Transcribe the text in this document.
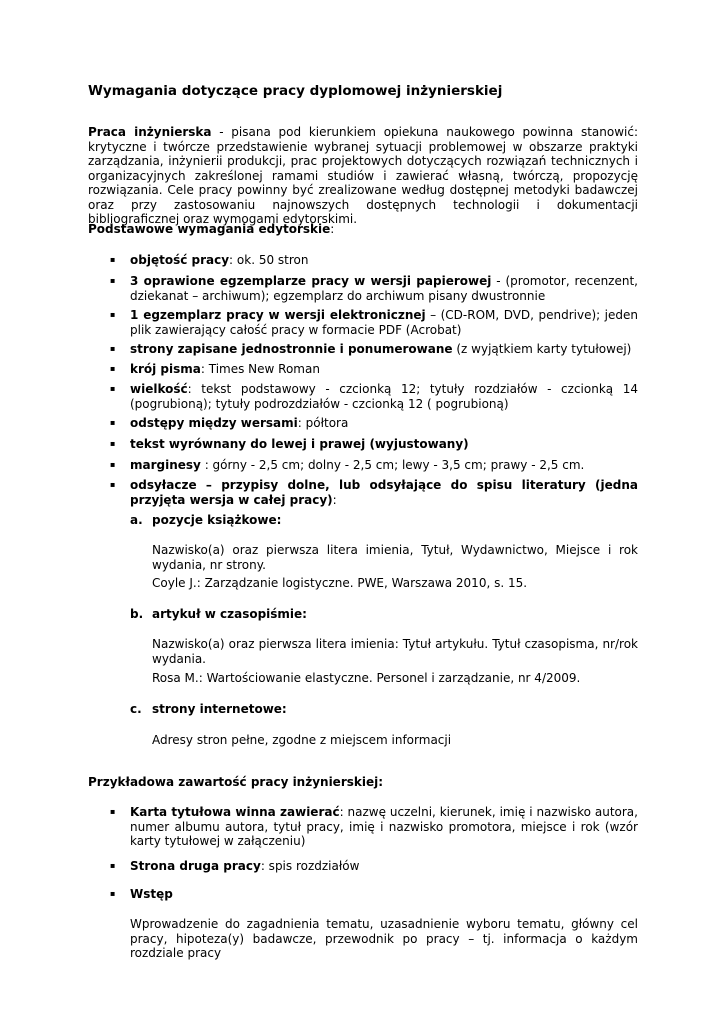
Wymagania dotyczące pracy dyplomowej inżynierskiej
Praca inżynierska - pisana pod kierunkiem opiekuna naukowego powinna stanowić: krytyczne i twórcze przedstawienie wybranej sytuacji problemowej w obszarze praktyki zarządzania, inżynierii produkcji, prac projektowych dotyczących rozwiązań technicznych i organizacyjnych zakreślonej ramami studiów i zawierać własną, twórczą, propozycję rozwiązania. Cele pracy powinny być zrealizowane według dostępnej metodyki badawczej oraz przy zastosowaniu najnowszych dostępnych technologii i dokumentacji bibliograficznej oraz wymogami edytorskimi.
Podstawowe wymagania edytorskie:
▪ objętość pracy: ok. 50 stron
▪ 3 oprawione egzemplarze pracy w wersji papierowej - (promotor, recenzent, dziekanat – archiwum); egzemplarz do archiwum pisany dwustronnie
▪ 1 egzemplarz pracy w wersji elektronicznej – (CD-ROM, DVD, pendrive); jeden plik zawierający całość pracy w formacie PDF (Acrobat)
▪ strony zapisane jednostronnie i ponumerowane (z wyjątkiem karty tytułowej)
▪ krój pisma: Times New Roman
▪ wielkość: tekst podstawowy - czcionką 12; tytuły rozdziałów - czcionką 14 (pogrubioną); tytuły podrozdziałów - czcionką 12 ( pogrubioną)
▪ odstępy między wersami: półtora
▪ tekst wyrównany do lewej i prawej (wyjustowany)
▪ marginesy : górny - 2,5 cm; dolny - 2,5 cm; lewy - 3,5 cm; prawy - 2,5 cm.
▪ odsyłacze – przypisy dolne, lub odsyłające do spisu literatury (jedna przyjęta wersja w całej pracy):
a. pozycje książkowe:
Nazwisko(a) oraz pierwsza litera imienia, Tytuł, Wydawnictwo, Miejsce i rok wydania, nr strony.
Coyle J.: Zarządzanie logistyczne. PWE, Warszawa 2010, s. 15.
b. artykuł w czasopiśmie:
Nazwisko(a) oraz pierwsza litera imienia: Tytuł artykułu. Tytuł czasopisma, nr/rok wydania.
Rosa M.: Wartościowanie elastyczne. Personel i zarządzanie, nr 4/2009.
c. strony internetowe:
Adresy stron pełne, zgodne z miejscem informacji
Przykładowa zawartość pracy inżynierskiej:
▪ Karta tytułowa winna zawierać: nazwę uczelni, kierunek, imię i nazwisko autora, numer albumu autora, tytuł pracy, imię i nazwisko promotora, miejsce i rok (wzór karty tytułowej w załączeniu)
▪ Strona druga pracy: spis rozdziałów
▪ Wstęp
Wprowadzenie do zagadnienia tematu, uzasadnienie wyboru tematu, główny cel pracy, hipoteza(y) badawcze, przewodnik po pracy – tj. informacja o każdym rozdziale pracy
